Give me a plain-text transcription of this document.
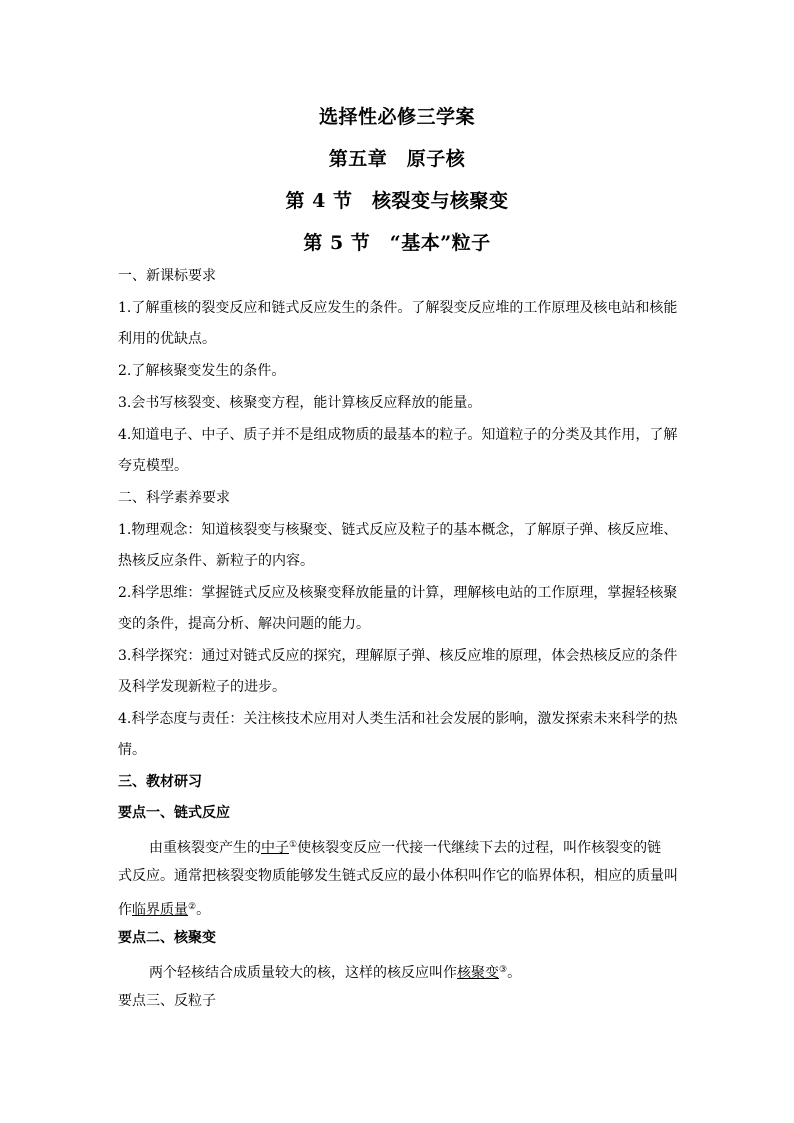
选择性必修三学案
第五章　原子核
第 4 节　核裂变与核聚变
第 5 节　“基本”粒子
一、新课标要求
1.了解重核的裂变反应和链式反应发生的条件。了解裂变反应堆的工作原理及核电站和核能
利用的优缺点。
2.了解核聚变发生的条件。
3.会书写核裂变、核聚变方程，能计算核反应释放的能量。
4.知道电子、中子、质子并不是组成物质的最基本的粒子。知道粒子的分类及其作用，了解
夸克模型。
二、科学素养要求
1.物理观念：知道核裂变与核聚变、链式反应及粒子的基本概念，了解原子弹、核反应堆、
热核反应条件、新粒子的内容。
2.科学思维：掌握链式反应及核聚变释放能量的计算，理解核电站的工作原理，掌握轻核聚
变的条件，提高分析、解决问题的能力。
3.科学探究：通过对链式反应的探究，理解原子弹、核反应堆的原理，体会热核反应的条件
及科学发现新粒子的进步。
4.科学态度与责任：关注核技术应用对人类生活和社会发展的影响，激发探索未来科学的热
情。
三、教材研习
要点一、链式反应
由重核裂变产生的中子①使核裂变反应一代接一代继续下去的过程，叫作核裂变的链
式反应。通常把核裂变物质能够发生链式反应的最小体积叫作它的临界体积，相应的质量叫
作临界质量②。
要点二、核聚变
两个轻核结合成质量较大的核，这样的核反应叫作核聚变③。
要点三、反粒子
